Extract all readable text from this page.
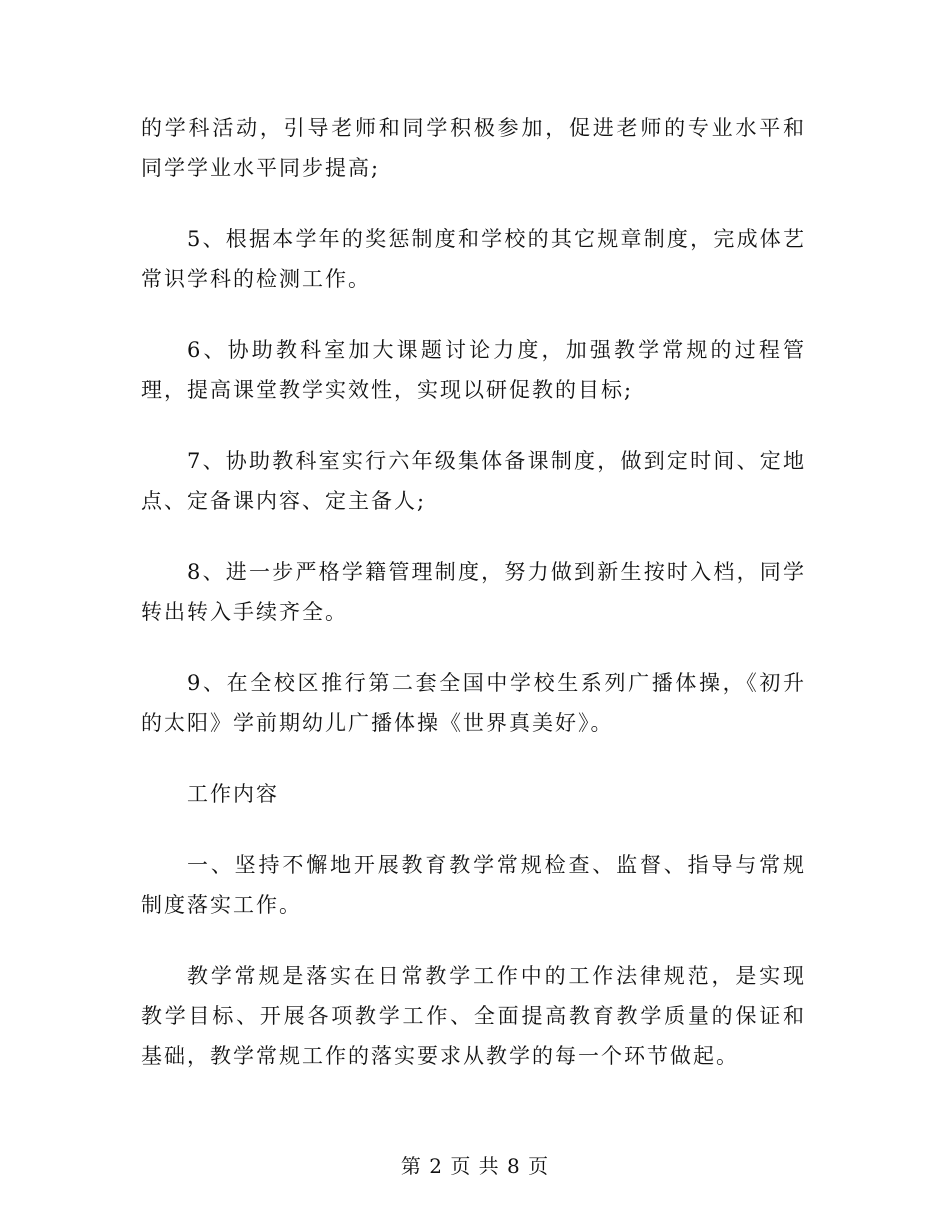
的学科活动，引导老师和同学积极参加，促进老师的专业水平和同学学业水平同步提高;

5、根据本学年的奖惩制度和学校的其它规章制度，完成体艺常识学科的检测工作。

6、协助教科室加大课题讨论力度，加强教学常规的过程管理，提高课堂教学实效性，实现以研促教的目标;

7、协助教科室实行六年级集体备课制度，做到定时间、定地点、定备课内容、定主备人;

8、进一步严格学籍管理制度，努力做到新生按时入档，同学转出转入手续齐全。

9、在全校区推行第二套全国中学校生系列广播体操，《初升的太阳》学前期幼儿广播体操《世界真美好》。

工作内容

一、坚持不懈地开展教育教学常规检查、监督、指导与常规制度落实工作。

教学常规是落实在日常教学工作中的工作法律规范，是实现教学目标、开展各项教学工作、全面提高教育教学质量的保证和基础，教学常规工作的落实要求从教学的每一个环节做起。

第 2 页 共 8 页
